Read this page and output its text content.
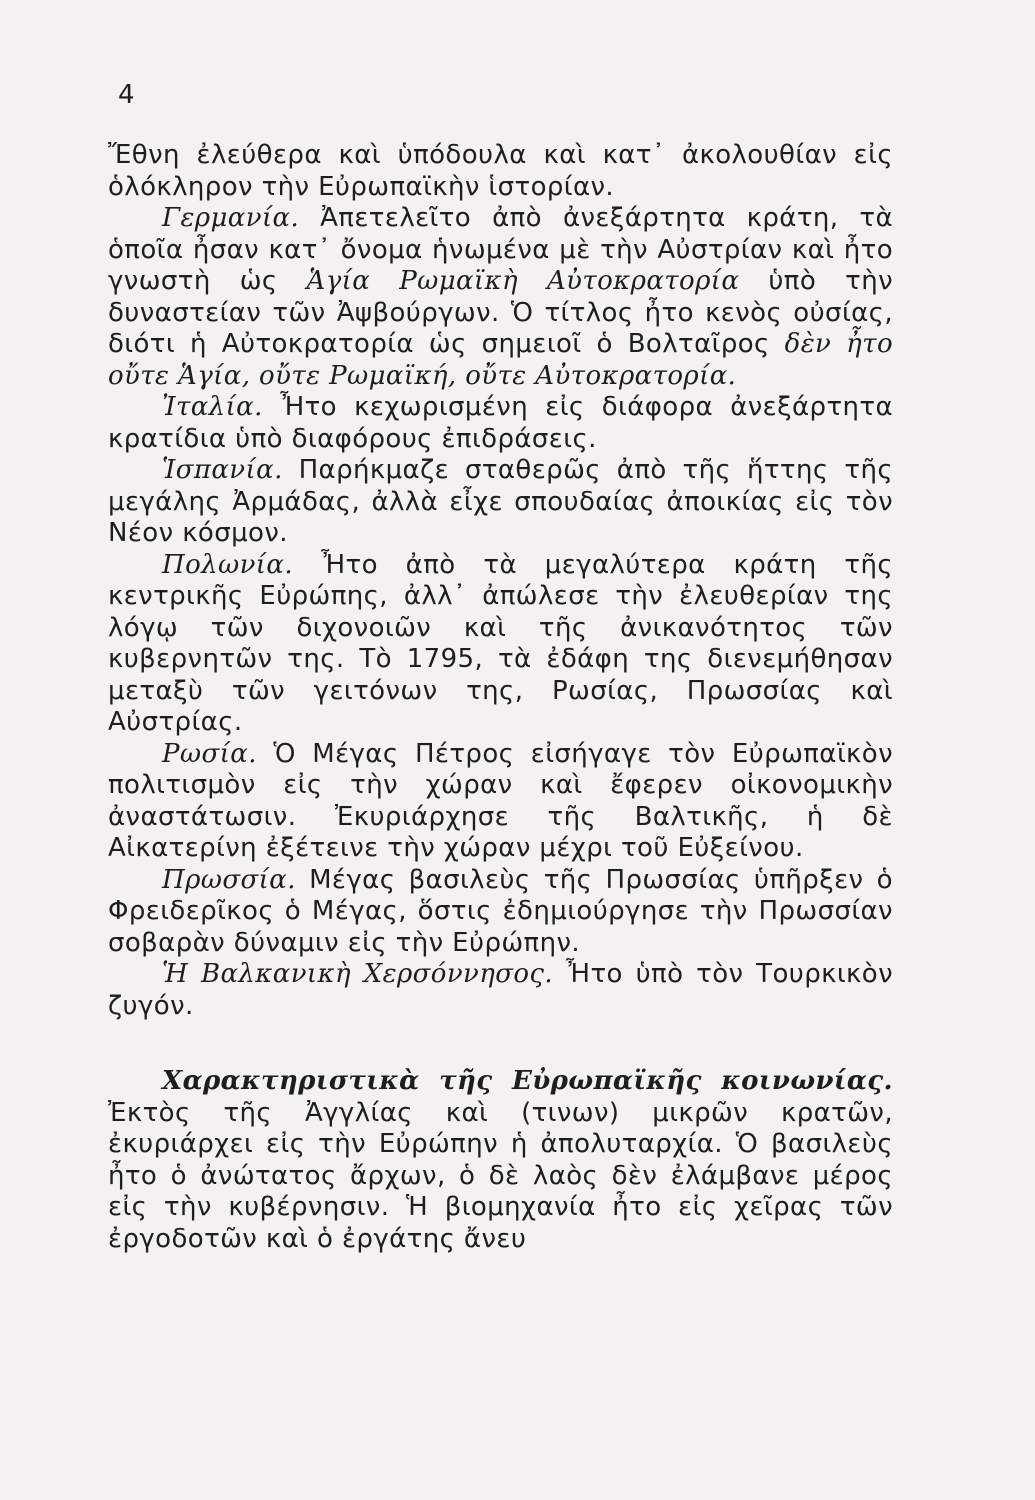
4

Ἔθνη ἐλεύθερα καὶ ὑπόδουλα καὶ κατ᾽ ἀκολουθίαν εἰς ὁλόκληρον τὴν Εὐρωπαϊκὴν ἱστορίαν.

Γερμανία. Ἀπετελεῖτο ἀπὸ ἀνεξάρτητα κράτη, τὰ ὁποῖα ἦσαν κατ᾽ ὄνομα ἡνωμένα μὲ τὴν Αὐστρίαν καὶ ἦτο γνωστὴ ὡς Ἁγία Ρωμαϊκὴ Αὐτοκρατορία ὑπὸ τὴν δυναστείαν τῶν Ἀψβούργων. Ὁ τίτλος ἦτο κενὸς οὐσίας, διότι ἡ Αὐτοκρατορία ὡς σημειοῖ ὁ Βολταῖρος δὲν ἦτο οὔτε Ἁγία, οὔτε Ρωμαϊκή, οὔτε Αὐτοκρατορία.

Ἰταλία. Ἦτο κεχωρισμένη εἰς διάφορα ἀνεξάρτητα κρατίδια ὑπὸ διαφόρους ἐπιδράσεις.

Ἱσπανία. Παρήκμαζε σταθερῶς ἀπὸ τῆς ἥττης τῆς μεγάλης Ἀρμάδας, ἀλλὰ εἶχε σπουδαίας ἀποικίας εἰς τὸν Νέον κόσμον.

Πολωνία. Ἦτο ἀπὸ τὰ μεγαλύτερα κράτη τῆς κεντρικῆς Εὐρώπης, ἀλλ᾽ ἀπώλεσε τὴν ἐλευθερίαν της λόγῳ τῶν διχονοιῶν καὶ τῆς ἀνικανότητος τῶν κυβερνητῶν της. Τὸ 1795, τὰ ἐδάφη της διενεμήθησαν μεταξὺ τῶν γειτόνων της, Ρωσίας, Πρωσσίας καὶ Αὐστρίας.

Ρωσία. Ὁ Μέγας Πέτρος εἰσήγαγε τὸν Εὐρωπαϊκὸν πολιτισμὸν εἰς τὴν χώραν καὶ ἔφερεν οἰκονομικὴν ἀναστάτωσιν. Ἐκυριάρχησε τῆς Βαλτικῆς, ἡ δὲ Αἰκατερίνη ἐξέτεινε τὴν χώραν μέχρι τοῦ Εὐξείνου.

Πρωσσία. Μέγας βασιλεὺς τῆς Πρωσσίας ὑπῆρξεν ὁ Φρειδερῖκος ὁ Μέγας, ὅστις ἐδημιούργησε τὴν Πρωσσίαν σοβαρὰν δύναμιν εἰς τὴν Εὐρώπην.

Ἡ Βαλκανικὴ Χερσόννησος. Ἦτο ὑπὸ τὸν Τουρκικὸν ζυγόν.

Χαρακτηριστικὰ τῆς Εὐρωπαϊκῆς κοινωνίας.

Ἐκτὸς τῆς Ἀγγλίας καὶ (τινων) μικρῶν κρατῶν, ἐκυριάρχει εἰς τὴν Εὐρώπην ἡ ἀπολυταρχία. Ὁ βασιλεὺς ἦτο ὁ ἀνώτατος ἄρχων, ὁ δὲ λαὸς δὲν ἐλάμβανε μέρος εἰς τὴν κυβέρνησιν. Ἡ βιομηχανία ἦτο εἰς χεῖρας τῶν ἐργοδοτῶν καὶ ὁ ἐργάτης ἄνευ
